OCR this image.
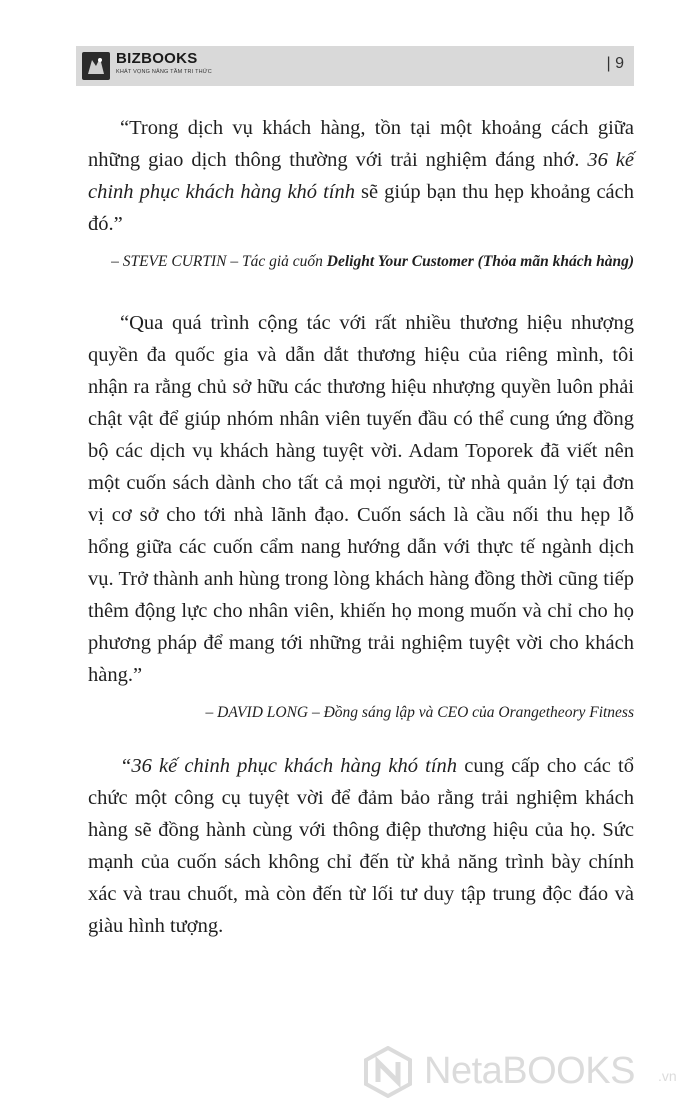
BIZBOOKS
KHÁT VỌNG NÂNG TẦM TRI THỨC	| 9

“Trong dịch vụ khách hàng, tồn tại một khoảng cách giữa những giao dịch thông thường với trải nghiệm đáng nhớ. 36 kế chinh phục khách hàng khó tính sẽ giúp bạn thu hẹp khoảng cách đó.”

– STEVE CURTIN – Tác giả cuốn Delight Your Customer (Thỏa mãn khách hàng)

“Qua quá trình cộng tác với rất nhiều thương hiệu nhượng quyền đa quốc gia và dẫn dắt thương hiệu của riêng mình, tôi nhận ra rằng chủ sở hữu các thương hiệu nhượng quyền luôn phải chật vật để giúp nhóm nhân viên tuyến đầu có thể cung ứng đồng bộ các dịch vụ khách hàng tuyệt vời. Adam Toporek đã viết nên một cuốn sách dành cho tất cả mọi người, từ nhà quản lý tại đơn vị cơ sở cho tới nhà lãnh đạo. Cuốn sách là cầu nối thu hẹp lỗ hổng giữa các cuốn cẩm nang hướng dẫn với thực tế ngành dịch vụ. Trở thành anh hùng trong lòng khách hàng đồng thời cũng tiếp thêm động lực cho nhân viên, khiến họ mong muốn và chỉ cho họ phương pháp để mang tới những trải nghiệm tuyệt vời cho khách hàng.”

– DAVID LONG – Đồng sáng lập và CEO của Orangetheory Fitness

“36 kế chinh phục khách hàng khó tính cung cấp cho các tổ chức một công cụ tuyệt vời để đảm bảo rằng trải nghiệm khách hàng sẽ đồng hành cùng với thông điệp thương hiệu của họ. Sức mạnh của cuốn sách không chỉ đến từ khả năng trình bày chính xác và trau chuốt, mà còn đến từ lối tư duy tập trung độc đáo và giàu hình tượng.

NetaBOOKS .vn
